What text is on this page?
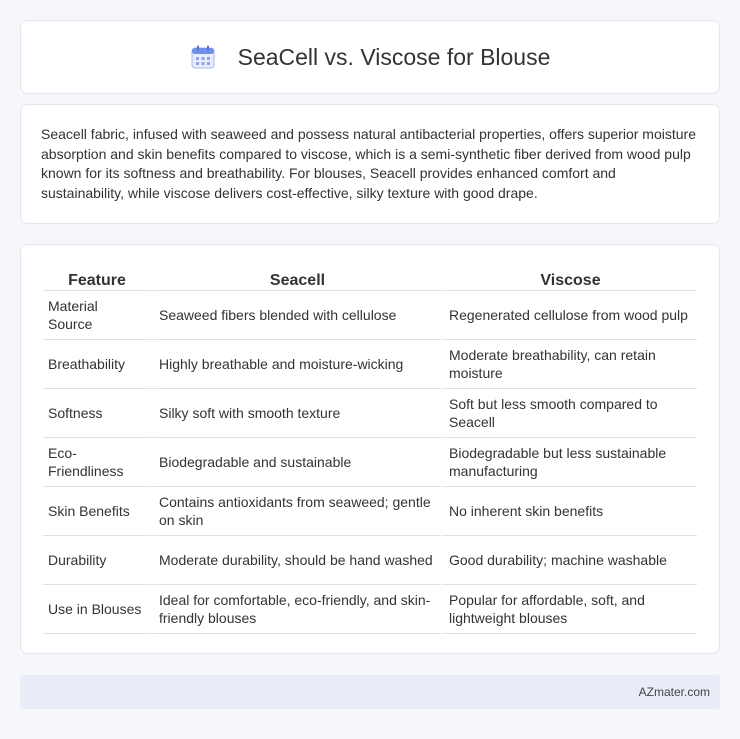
SeaCell vs. Viscose for Blouse

Seacell fabric, infused with seaweed and possess natural antibacterial properties, offers superior moisture absorption and skin benefits compared to viscose, which is a semi-synthetic fiber derived from wood pulp known for its softness and breathability. For blouses, Seacell provides enhanced comfort and sustainability, while viscose delivers cost-effective, silky texture with good drape.

Feature	Seacell	Viscose
Material Source	Seaweed fibers blended with cellulose	Regenerated cellulose from wood pulp
Breathability	Highly breathable and moisture-wicking	Moderate breathability, can retain moisture
Softness	Silky soft with smooth texture	Soft but less smooth compared to Seacell
Eco-Friendliness	Biodegradable and sustainable	Biodegradable but less sustainable manufacturing
Skin Benefits	Contains antioxidants from seaweed; gentle on skin	No inherent skin benefits
Durability	Moderate durability, should be hand washed	Good durability; machine washable
Use in Blouses	Ideal for comfortable, eco-friendly, and skin-friendly blouses	Popular for affordable, soft, and lightweight blouses
AZmater.com
